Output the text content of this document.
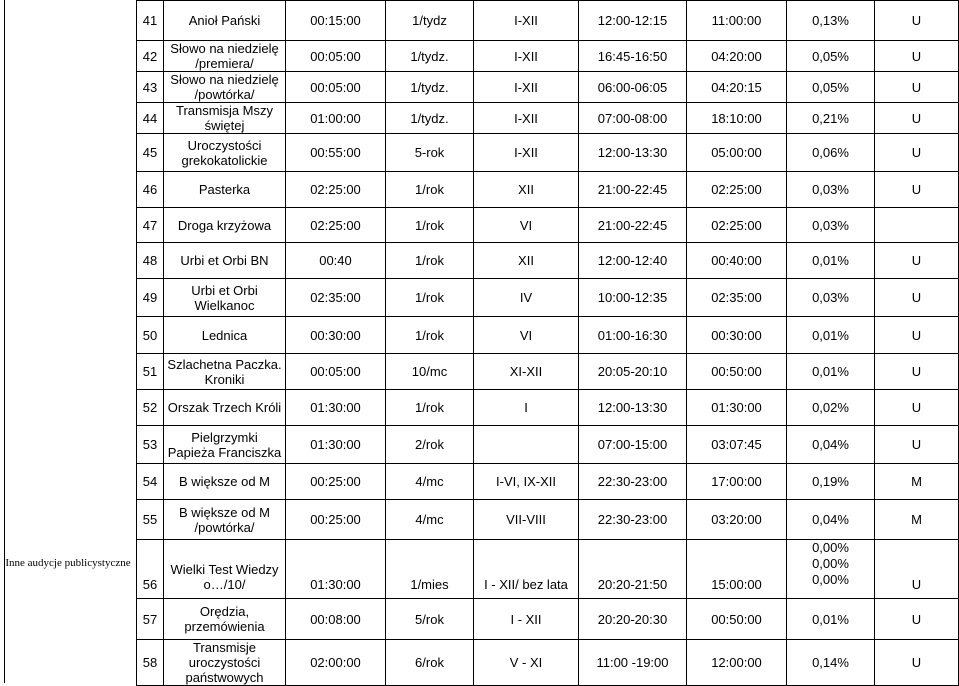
Inne audycje publicystyczne
41	Anioł Pański	00:15:00	1/tydz	I-XII	12:00-12:15	11:00:00	0,13%	U
42	Słowo na niedzielę /premiera/	00:05:00	1/tydz.	I-XII	16:45-16:50	04:20:00	0,05%	U
43	Słowo na niedzielę /powtórka/	00:05:00	1/tydz.	I-XII	06:00-06:05	04:20:15	0,05%	U
44	Transmisja Mszy świętej	01:00:00	1/tydz.	I-XII	07:00-08:00	18:10:00	0,21%	U
45	Uroczystości grekokatolickie	00:55:00	5-rok	I-XII	12:00-13:30	05:00:00	0,06%	U
46	Pasterka	02:25:00	1/rok	XII	21:00-22:45	02:25:00	0,03%	U
47	Droga krzyżowa	02:25:00	1/rok	VI	21:00-22:45	02:25:00	0,03%	
48	Urbi et Orbi BN	00:40	1/rok	XII	12:00-12:40	00:40:00	0,01%	U
49	Urbi et Orbi Wielkanoc	02:35:00	1/rok	IV	10:00-12:35	02:35:00	0,03%	U
50	Lednica	00:30:00	1/rok	VI	01:00-16:30	00:30:00	0,01%	U
51	Szlachetna Paczka. Kroniki	00:05:00	10/mc	XI-XII	20:05-20:10	00:50:00	0,01%	U
52	Orszak Trzech Króli	01:30:00	1/rok	I	12:00-13:30	01:30:00	0,02%	U
53	Pielgrzymki Papieża Franciszka	01:30:00	2/rok		07:00-15:00	03:07:45	0,04%	U
54	B większe od M	00:25:00	4/mc	I-VI, IX-XII	22:30-23:00	17:00:00	0,19%	M
55	B większe od M /powtórka/	00:25:00	4/mc	VII-VIII	22:30-23:00	03:20:00	0,04%	M
56	Wielki Test Wiedzy o…/10/	01:30:00	1/mies	I - XII/ bez lata	20:20-21:50	15:00:00	0,00%
0,00%
0,00%	U
57	Orędzia, przemówienia	00:08:00	5/rok	I - XII	20:20-20:30	00:50:00	0,01%	U
58	Transmisje uroczystości państwowych	02:00:00	6/rok	V - XI	11:00 -19:00	12:00:00	0,14%	U
